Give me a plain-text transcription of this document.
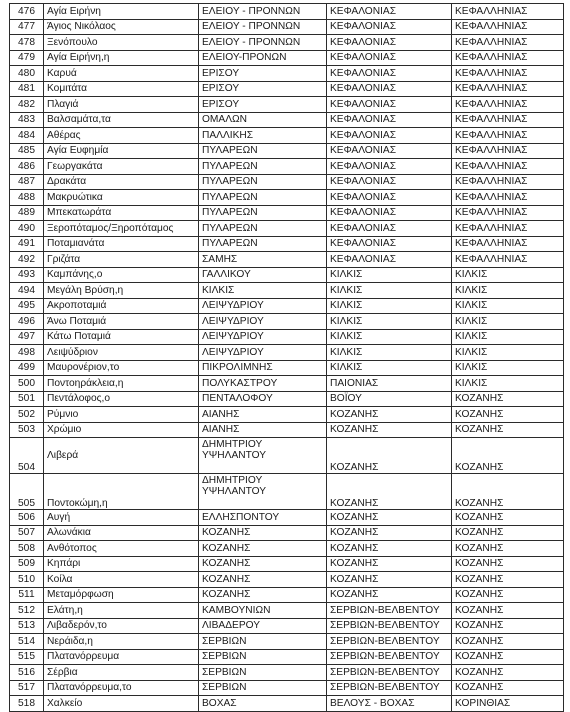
476	Αγία Ειρήνη	ΕΛΕΙΟΥ - ΠΡΟΝΝΩΝ	ΚΕΦΑΛΟΝΙΑΣ	ΚΕΦΑΛΛΗΝΙΑΣ
477	Άγιος Νικόλαος	ΕΛΕΙΟΥ - ΠΡΟΝΝΩΝ	ΚΕΦΑΛΟΝΙΑΣ	ΚΕΦΑΛΛΗΝΙΑΣ
478	Ξενόπουλο	ΕΛΕΙΟΥ - ΠΡΟΝΝΩΝ	ΚΕΦΑΛΟΝΙΑΣ	ΚΕΦΑΛΛΗΝΙΑΣ
479	Αγία Ειρήνη,η	ΕΛΕΙΟΥ-ΠΡΟΝΩΝ	ΚΕΦΑΛΟΝΙΑΣ	ΚΕΦΑΛΛΗΝΙΑΣ
480	Καρυά	ΕΡΙΣΟΥ	ΚΕΦΑΛΟΝΙΑΣ	ΚΕΦΑΛΛΗΝΙΑΣ
481	Κομιτάτα	ΕΡΙΣΟΥ	ΚΕΦΑΛΟΝΙΑΣ	ΚΕΦΑΛΛΗΝΙΑΣ
482	Πλαγιά	ΕΡΙΣΟΥ	ΚΕΦΑΛΟΝΙΑΣ	ΚΕΦΑΛΛΗΝΙΑΣ
483	Βαλσαμάτα,τα	ΟΜΑΛΩΝ	ΚΕΦΑΛΟΝΙΑΣ	ΚΕΦΑΛΛΗΝΙΑΣ
484	Αθέρας	ΠΑΛΛΙΚΗΣ	ΚΕΦΑΛΟΝΙΑΣ	ΚΕΦΑΛΛΗΝΙΑΣ
485	Αγία Ευφημία	ΠΥΛΑΡΕΩΝ	ΚΕΦΑΛΟΝΙΑΣ	ΚΕΦΑΛΛΗΝΙΑΣ
486	Γεωργακάτα	ΠΥΛΑΡΕΩΝ	ΚΕΦΑΛΟΝΙΑΣ	ΚΕΦΑΛΛΗΝΙΑΣ
487	Δρακάτα	ΠΥΛΑΡΕΩΝ	ΚΕΦΑΛΟΝΙΑΣ	ΚΕΦΑΛΛΗΝΙΑΣ
488	Μακρυώτικα	ΠΥΛΑΡΕΩΝ	ΚΕΦΑΛΟΝΙΑΣ	ΚΕΦΑΛΛΗΝΙΑΣ
489	Μπεκατωράτα	ΠΥΛΑΡΕΩΝ	ΚΕΦΑΛΟΝΙΑΣ	ΚΕΦΑΛΛΗΝΙΑΣ
490	Ξεροπόταμος/Ξηροπόταμος	ΠΥΛΑΡΕΩΝ	ΚΕΦΑΛΟΝΙΑΣ	ΚΕΦΑΛΛΗΝΙΑΣ
491	Ποταμιανάτα	ΠΥΛΑΡΕΩΝ	ΚΕΦΑΛΟΝΙΑΣ	ΚΕΦΑΛΛΗΝΙΑΣ
492	Γριζάτα	ΣΑΜΗΣ	ΚΕΦΑΛΟΝΙΑΣ	ΚΕΦΑΛΛΗΝΙΑΣ
493	Καμπάνης,ο	ΓΑΛΛΙΚΟΥ	ΚΙΛΚΙΣ	ΚΙΛΚΙΣ
494	Μεγάλη Βρύση,η	ΚΙΛΚΙΣ	ΚΙΛΚΙΣ	ΚΙΛΚΙΣ
495	Ακροποταμιά	ΛΕΙΨΥΔΡΙΟΥ	ΚΙΛΚΙΣ	ΚΙΛΚΙΣ
496	Άνω Ποταμιά	ΛΕΙΨΥΔΡΙΟΥ	ΚΙΛΚΙΣ	ΚΙΛΚΙΣ
497	Κάτω Ποταμιά	ΛΕΙΨΥΔΡΙΟΥ	ΚΙΛΚΙΣ	ΚΙΛΚΙΣ
498	Λειψύδριον	ΛΕΙΨΥΔΡΙΟΥ	ΚΙΛΚΙΣ	ΚΙΛΚΙΣ
499	Μαυρονέριον,το	ΠΙΚΡΟΛΙΜΝΗΣ	ΚΙΛΚΙΣ	ΚΙΛΚΙΣ
500	Ποντοηράκλεια,η	ΠΟΛΥΚΑΣΤΡΟΥ	ΠΑΙΟΝΙΑΣ	ΚΙΛΚΙΣ
501	Πεντάλοφος,ο	ΠΕΝΤΑΛΟΦΟΥ	ΒΟΪΟΥ	ΚΟΖΑΝΗΣ
502	Ρύμνιο	ΑΙΑΝΗΣ	ΚΟΖΑΝΗΣ	ΚΟΖΑΝΗΣ
503	Χρώμιο	ΑΙΑΝΗΣ	ΚΟΖΑΝΗΣ	ΚΟΖΑΝΗΣ
504	Λιβερά	ΔΗΜΗΤΡΙΟΥ ΥΨΗΛΑΝΤΟΥ	ΚΟΖΑΝΗΣ	ΚΟΖΑΝΗΣ
505	Ποντοκώμη,η	ΔΗΜΗΤΡΙΟΥ ΥΨΗΛΑΝΤΟΥ	ΚΟΖΑΝΗΣ	ΚΟΖΑΝΗΣ
506	Αυγή	ΕΛΛΗΣΠΟΝΤΟΥ	ΚΟΖΑΝΗΣ	ΚΟΖΑΝΗΣ
507	Αλωνάκια	ΚΟΖΑΝΗΣ	ΚΟΖΑΝΗΣ	ΚΟΖΑΝΗΣ
508	Ανθότοπος	ΚΟΖΑΝΗΣ	ΚΟΖΑΝΗΣ	ΚΟΖΑΝΗΣ
509	Κηπάρι	ΚΟΖΑΝΗΣ	ΚΟΖΑΝΗΣ	ΚΟΖΑΝΗΣ
510	Κοίλα	ΚΟΖΑΝΗΣ	ΚΟΖΑΝΗΣ	ΚΟΖΑΝΗΣ
511	Μεταμόρφωση	ΚΟΖΑΝΗΣ	ΚΟΖΑΝΗΣ	ΚΟΖΑΝΗΣ
512	Ελάτη,η	ΚΑΜΒΟΥΝΙΩΝ	ΣΕΡΒΙΩΝ-ΒΕΛΒΕΝΤΟΥ	ΚΟΖΑΝΗΣ
513	Λιβαδερόν,το	ΛΙΒΑΔΕΡΟΥ	ΣΕΡΒΙΩΝ-ΒΕΛΒΕΝΤΟΥ	ΚΟΖΑΝΗΣ
514	Νεράιδα,η	ΣΕΡΒΙΩΝ	ΣΕΡΒΙΩΝ-ΒΕΛΒΕΝΤΟΥ	ΚΟΖΑΝΗΣ
515	Πλατανόρρευμα	ΣΕΡΒΙΩΝ	ΣΕΡΒΙΩΝ-ΒΕΛΒΕΝΤΟΥ	ΚΟΖΑΝΗΣ
516	Σέρβια	ΣΕΡΒΙΩΝ	ΣΕΡΒΙΩΝ-ΒΕΛΒΕΝΤΟΥ	ΚΟΖΑΝΗΣ
517	Πλατανόρρευμα,το	ΣΕΡΒΙΩΝ	ΣΕΡΒΙΩΝ-ΒΕΛΒΕΝΤΟΥ	ΚΟΖΑΝΗΣ
518	Χαλκείο	ΒΟΧΑΣ	ΒΕΛΟΥΣ - ΒΟΧΑΣ	ΚΟΡΙΝΘΙΑΣ
